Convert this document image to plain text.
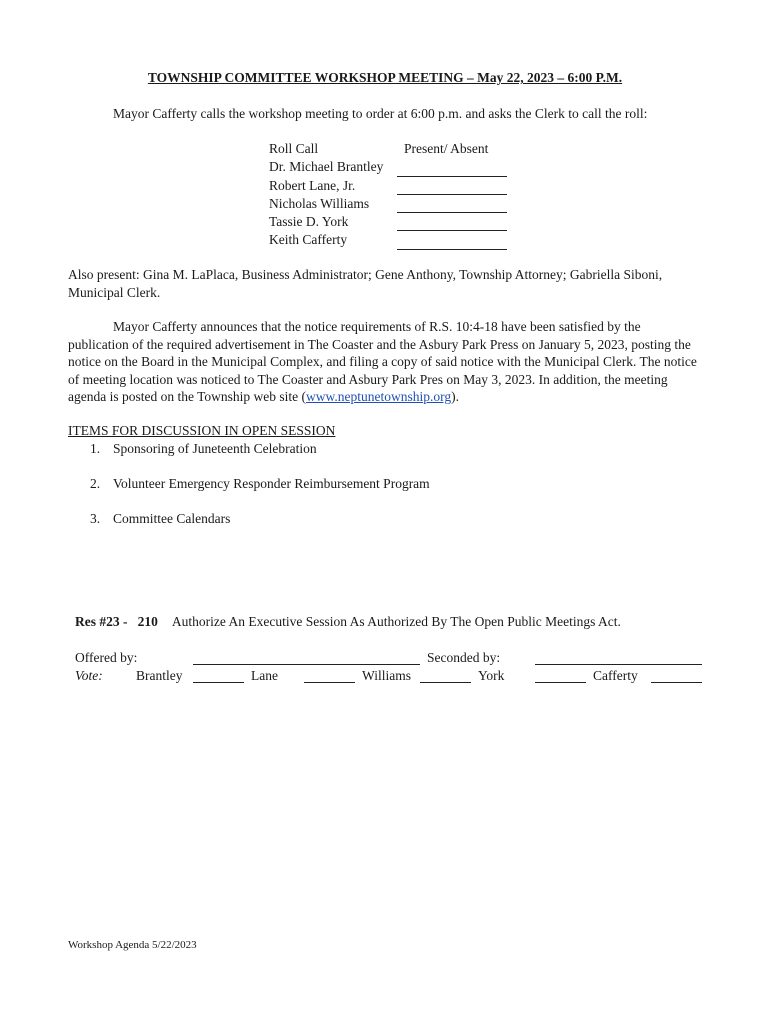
TOWNSHIP COMMITTEE WORKSHOP MEETING – May 22, 2023 – 6:00 P.M.
Mayor Cafferty calls the workshop meeting to order at 6:00 p.m. and asks the Clerk to call the roll:
Roll Call	Present/ Absent
Dr. Michael Brantley
Robert Lane, Jr.
Nicholas Williams
Tassie D. York
Keith Cafferty
Also present: Gina M. LaPlaca, Business Administrator; Gene Anthony, Township Attorney; Gabriella Siboni, Municipal Clerk.
Mayor Cafferty announces that the notice requirements of R.S. 10:4-18 have been satisfied by the publication of the required advertisement in The Coaster and the Asbury Park Press on January 5, 2023, posting the notice on the Board in the Municipal Complex, and filing a copy of said notice with the Municipal Clerk. The notice of meeting location was noticed to The Coaster and Asbury Park Pres on May 3, 2023. In addition, the meeting agenda is posted on the Township web site (www.neptunetownship.org).
ITEMS FOR DISCUSSION IN OPEN SESSION
1. Sponsoring of Juneteenth Celebration
2. Volunteer Emergency Responder Reimbursement Program
3. Committee Calendars
Res #23 -   210 Authorize An Executive Session As Authorized By The Open Public Meetings Act.
Offered by:	Seconded by:
Vote: Brantley	Lane	Williams	York	Cafferty
Workshop Agenda 5/22/2023
